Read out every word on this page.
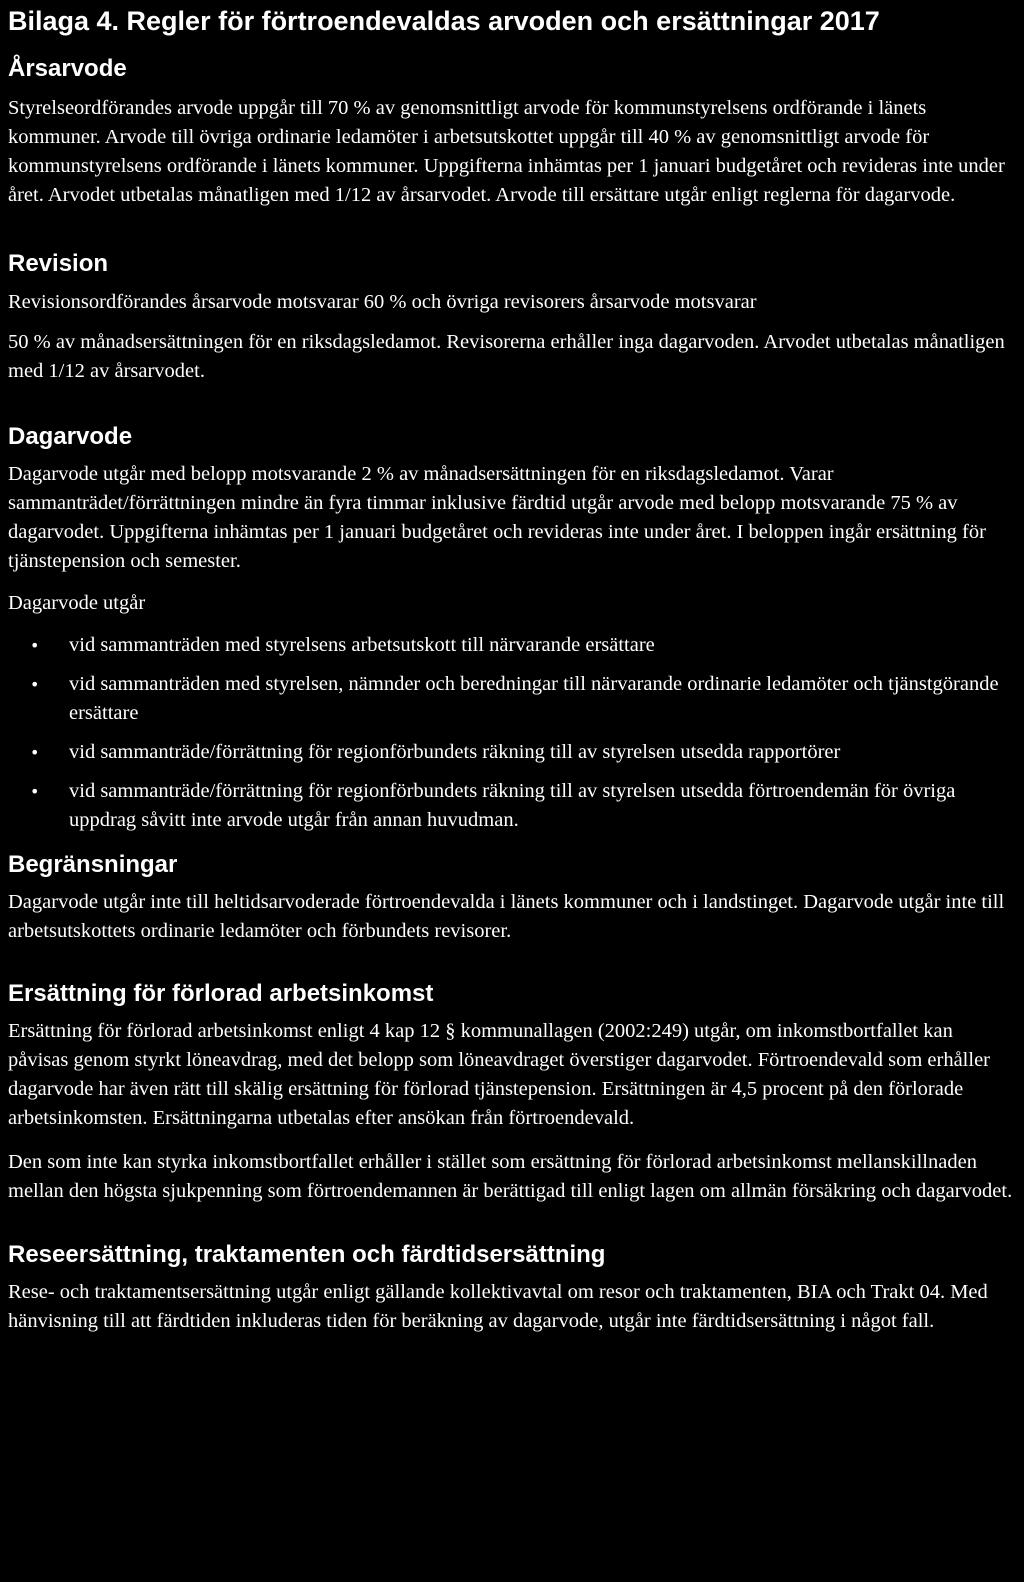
Bilaga 4. Regler för förtroendevaldas arvoden och ersättningar 2017
Årsarvode

Styrelseordförandes arvode uppgår till 70 % av genomsnittligt arvode för kommunstyrelsens ordförande i länets kommuner. Arvode till övriga ordinarie ledamöter i arbetsutskottet uppgår till 40 % av genomsnittligt arvode för kommunstyrelsens ordförande i länets kommuner. Uppgifterna inhämtas per 1 januari budgetåret och revideras inte under året. Arvodet utbetalas månatligen med 1/12 av årsarvodet. Arvode till ersättare utgår enligt reglerna för dagarvode.

Revision

Revisionsordförandes årsarvode motsvarar 60 % och övriga revisorers årsarvode motsvarar

50 % av månadsersättningen för en riksdagsledamot. Revisorerna erhåller inga dagarvoden. Arvodet utbetalas månatligen med 1/12 av årsarvodet.

Dagarvode

Dagarvode utgår med belopp motsvarande 2 % av månadsersättningen för en riksdagsledamot. Varar sammanträdet/förrättningen mindre än fyra timmar inklusive färdtid utgår arvode med belopp motsvarande 75 % av dagarvodet. Uppgifterna inhämtas per 1 januari budgetåret och revideras inte under året. I beloppen ingår ersättning för tjänstepension och semester.

Dagarvode utgår

• vid sammanträden med styrelsens arbetsutskott till närvarande ersättare
• vid sammanträden med styrelsen, nämnder och beredningar till närvarande ordinarie ledamöter och tjänstgörande ersättare
• vid sammanträde/förrättning för regionförbundets räkning till av styrelsen utsedda rapportörer
• vid sammanträde/förrättning för regionförbundets räkning till av styrelsen utsedda förtroendemän för övriga uppdrag såvitt inte arvode utgår från annan huvudman.
Begränsningar

Dagarvode utgår inte till heltidsarvoderade förtroendevalda i länets kommuner och i landstinget. Dagarvode utgår inte till arbetsutskottets ordinarie ledamöter och förbundets revisorer.

Ersättning för förlorad arbetsinkomst

Ersättning för förlorad arbetsinkomst enligt 4 kap 12 § kommunallagen (2002:249) utgår, om inkomstbortfallet kan påvisas genom styrkt löneavdrag, med det belopp som löneavdraget överstiger dagarvodet. Förtroendevald som erhåller dagarvode har även rätt till skälig ersättning för förlorad tjänstepension. Ersättningen är 4,5 procent på den förlorade arbetsinkomsten. Ersättningarna utbetalas efter ansökan från förtroendevald.

Den som inte kan styrka inkomstbortfallet erhåller i stället som ersättning för förlorad arbetsinkomst mellanskillnaden mellan den högsta sjukpenning som förtroendemannen är berättigad till enligt lagen om allmän försäkring och dagarvodet.

Reseersättning, traktamenten och färdtidsersättning

Rese- och traktamentsersättning utgår enligt gällande kollektivavtal om resor och traktamenten, BIA och Trakt 04. Med hänvisning till att färdtiden inkluderas tiden för beräkning av dagarvode, utgår inte färdtidsersättning i något fall.
